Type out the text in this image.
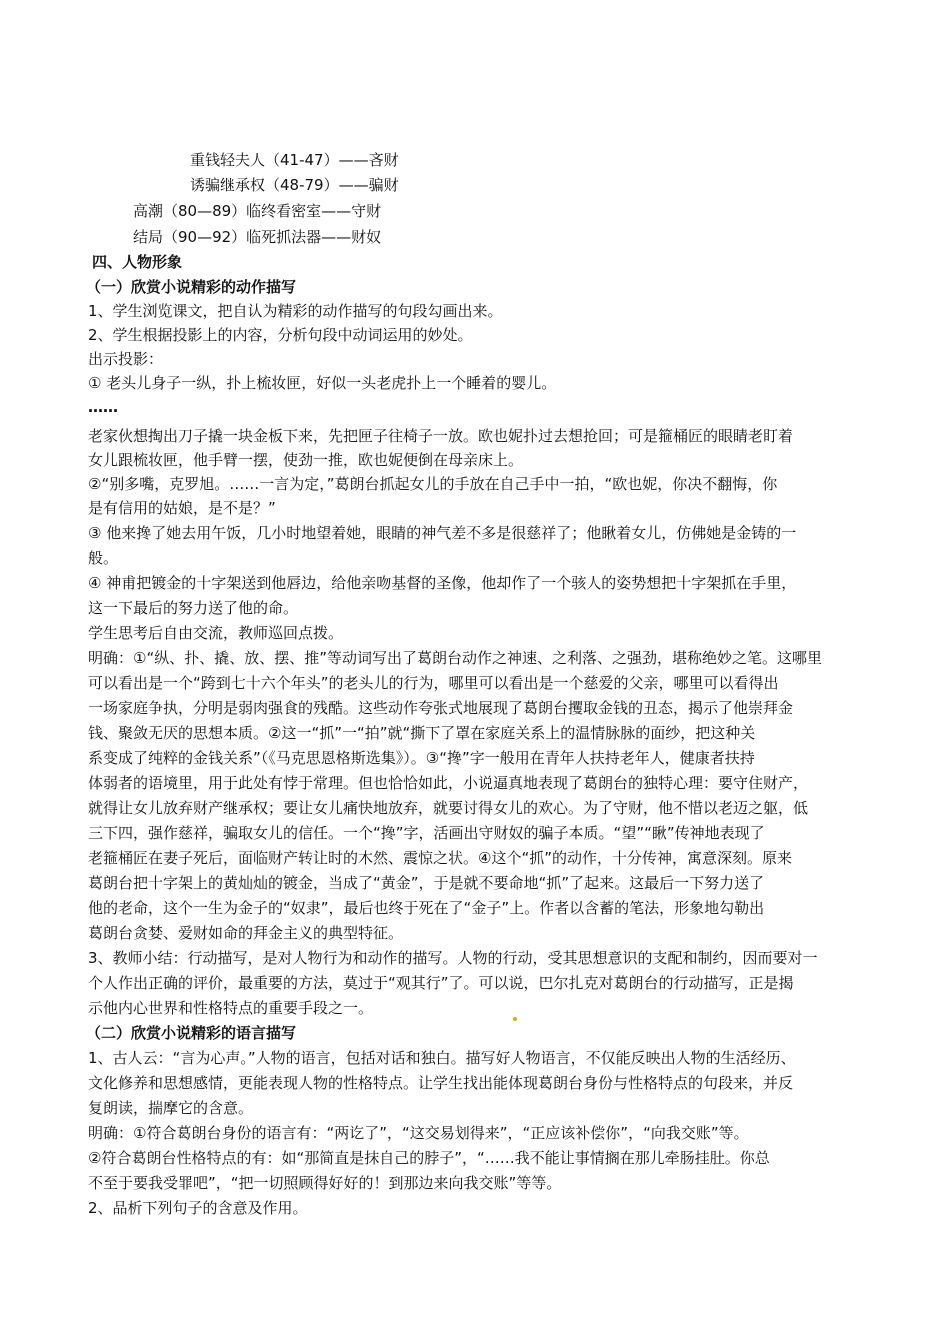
重钱轻夫人（41-47）——吝财
诱骗继承权（48-79）——骗财
高潮（80—89）临终看密室——守财
结局（90—92）临死抓法器——财奴
四、人物形象
（一）欣赏小说精彩的动作描写
1、学生浏览课文，把自认为精彩的动作描写的句段勾画出来。
2、学生根据投影上的内容，分析句段中动词运用的妙处。
出示投影：
① 老头儿身子一纵，扑上梳妆匣，好似一头老虎扑上一个睡着的婴儿。
……
老家伙想掏出刀子撬一块金板下来，先把匣子往椅子一放。欧也妮扑过去想抢回；可是箍桶匠的眼睛老盯着
女儿跟梳妆匣，他手臂一摆，使劲一推，欧也妮便倒在母亲床上。
②“别多嘴，克罗旭。……一言为定，”葛朗台抓起女儿的手放在自己手中一拍，“欧也妮，你决不翻悔，你
是有信用的姑娘，是不是？”
③ 他来搀了她去用午饭，几小时地望着她，眼睛的神气差不多是很慈祥了；他瞅着女儿，仿佛她是金铸的一
般。
④ 神甫把镀金的十字架送到他唇边，给他亲吻基督的圣像，他却作了一个骇人的姿势想把十字架抓在手里，
这一下最后的努力送了他的命。
学生思考后自由交流，教师巡回点拨。
明确：①“纵、扑、撬、放、摆、推”等动词写出了葛朗台动作之神速、之利落、之强劲，堪称绝妙之笔。这哪里
可以看出是一个“跨到七十六个年头”的老头儿的行为，哪里可以看出是一个慈爱的父亲，哪里可以看得出
一场家庭争执，分明是弱肉强食的残酷。这些动作夸张式地展现了葛朗台攫取金钱的丑态，揭示了他崇拜金
钱、聚敛无厌的思想本质。②这一“抓”一“拍”就“撕下了罩在家庭关系上的温情脉脉的面纱，把这种关
系变成了纯粹的金钱关系”（《马克思恩格斯选集》）。③“搀”字一般用在青年人扶持老年人，健康者扶持
体弱者的语境里，用于此处有悖于常理。但也恰恰如此，小说逼真地表现了葛朗台的独特心理：要守住财产，
就得让女儿放弃财产继承权；要让女儿痛快地放弃，就要讨得女儿的欢心。为了守财，他不惜以老迈之躯，低
三下四，强作慈祥，骗取女儿的信任。一个“搀”字，活画出守财奴的骗子本质。“望”“瞅”传神地表现了
老箍桶匠在妻子死后，面临财产转让时的木然、震惊之状。④这个“抓”的动作，十分传神，寓意深刻。原来
葛朗台把十字架上的黄灿灿的镀金，当成了“黄金”，于是就不要命地“抓”了起来。这最后一下努力送了
他的老命，这个一生为金子的“奴隶”，最后也终于死在了“金子”上。作者以含蓄的笔法，形象地勾勒出
葛朗台贪婪、爱财如命的拜金主义的典型特征。
3、教师小结：行动描写，是对人物行为和动作的描写。人物的行动，受其思想意识的支配和制约，因而要对一
个人作出正确的评价，最重要的方法，莫过于“观其行”了。可以说，巴尔扎克对葛朗台的行动描写，正是揭
示他内心世界和性格特点的重要手段之一。
（二）欣赏小说精彩的语言描写
1、古人云：“言为心声。”人物的语言，包括对话和独白。描写好人物语言，不仅能反映出人物的生活经历、
文化修养和思想感情，更能表现人物的性格特点。让学生找出能体现葛朗台身份与性格特点的句段来，并反
复朗读，揣摩它的含意。
明确：①符合葛朗台身份的语言有：“两讫了”，“这交易划得来”，“正应该补偿你”，“向我交账”等。
②符合葛朗台性格特点的有：如“那简直是抹自己的脖子”，“……我不能让事情搁在那儿牵肠挂肚。你总
不至于要我受罪吧”，“把一切照顾得好好的！到那边来向我交账”等等。
2、品析下列句子的含意及作用。
